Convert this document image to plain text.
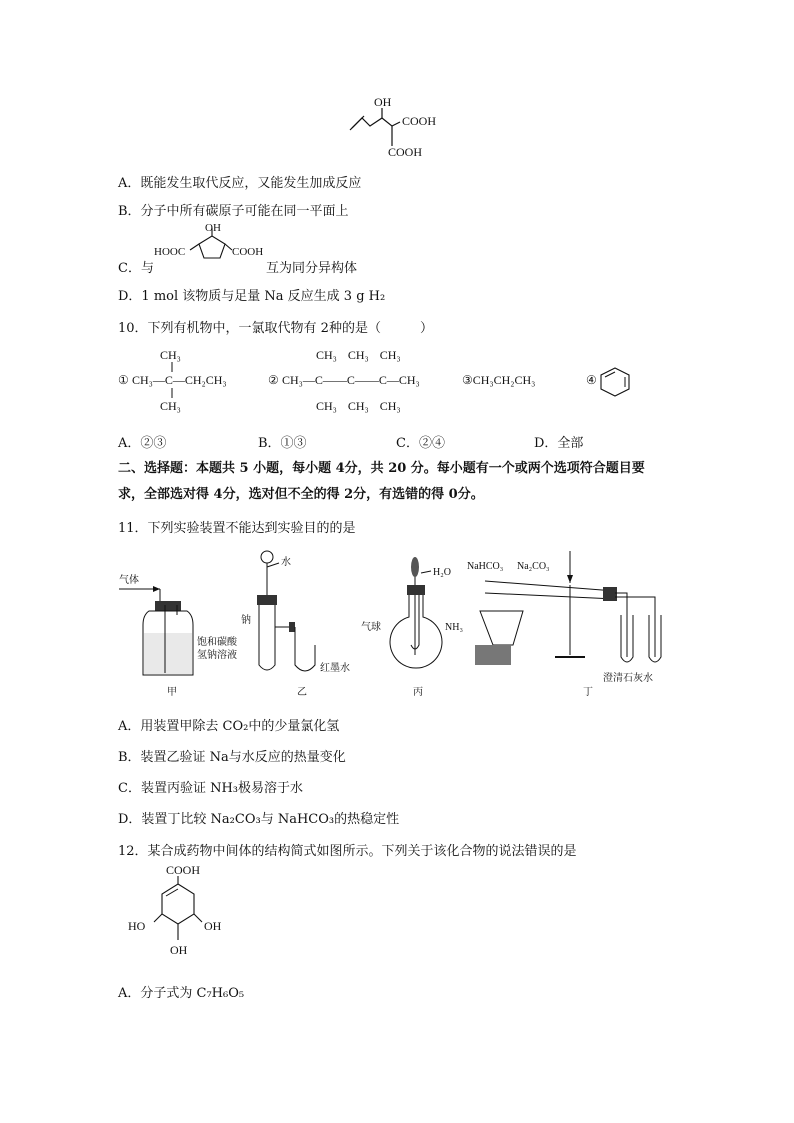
OH
COOH
COOH
A．既能发生取代反应，又能发生加成反应
B．分子中所有碳原子可能在同一平面上
C．与
OH
HOOC	COOH
互为同分异构体
D．1 mol 该物质与足量 Na 反应生成 3 g H₂
10．下列有机物中，一氯取代物有 2种的是（　　　）
CH₃
① CH₃—C—CH₂CH₃
CH₃
CH₃ CH₃ CH₃
② CH₃—C——C——C—CH₃
CH₃ CH₃ CH₃
③CH₃CH₂CH₃	④
A．②③	B．①③	C．②④	D．全部
二、选择题：本题共 5 小题，每小题 4分，共 20 分。每小题有一个或两个选项符合题目要
求，全部选对得 4分，选对但不全的得 2分，有选错的得 0分。
11．下列实验装置不能达到实验目的的是
气体
饱和碳酸
氢钠溶液
甲
水
钠
红墨水
乙
H₂O
气球	NH₃
丙
NaHCO₃ Na₂CO₃
澄清石灰水
丁
A．用装置甲除去 CO₂中的少量氯化氢
B．装置乙验证 Na与水反应的热量变化
C．装置丙验证 NH₃极易溶于水
D．装置丁比较 Na₂CO₃与 NaHCO₃的热稳定性
12．某合成药物中间体的结构简式如图所示。下列关于该化合物的说法错误的是
COOH
HO	OH
OH
A．分子式为 C₇H₆O₅
